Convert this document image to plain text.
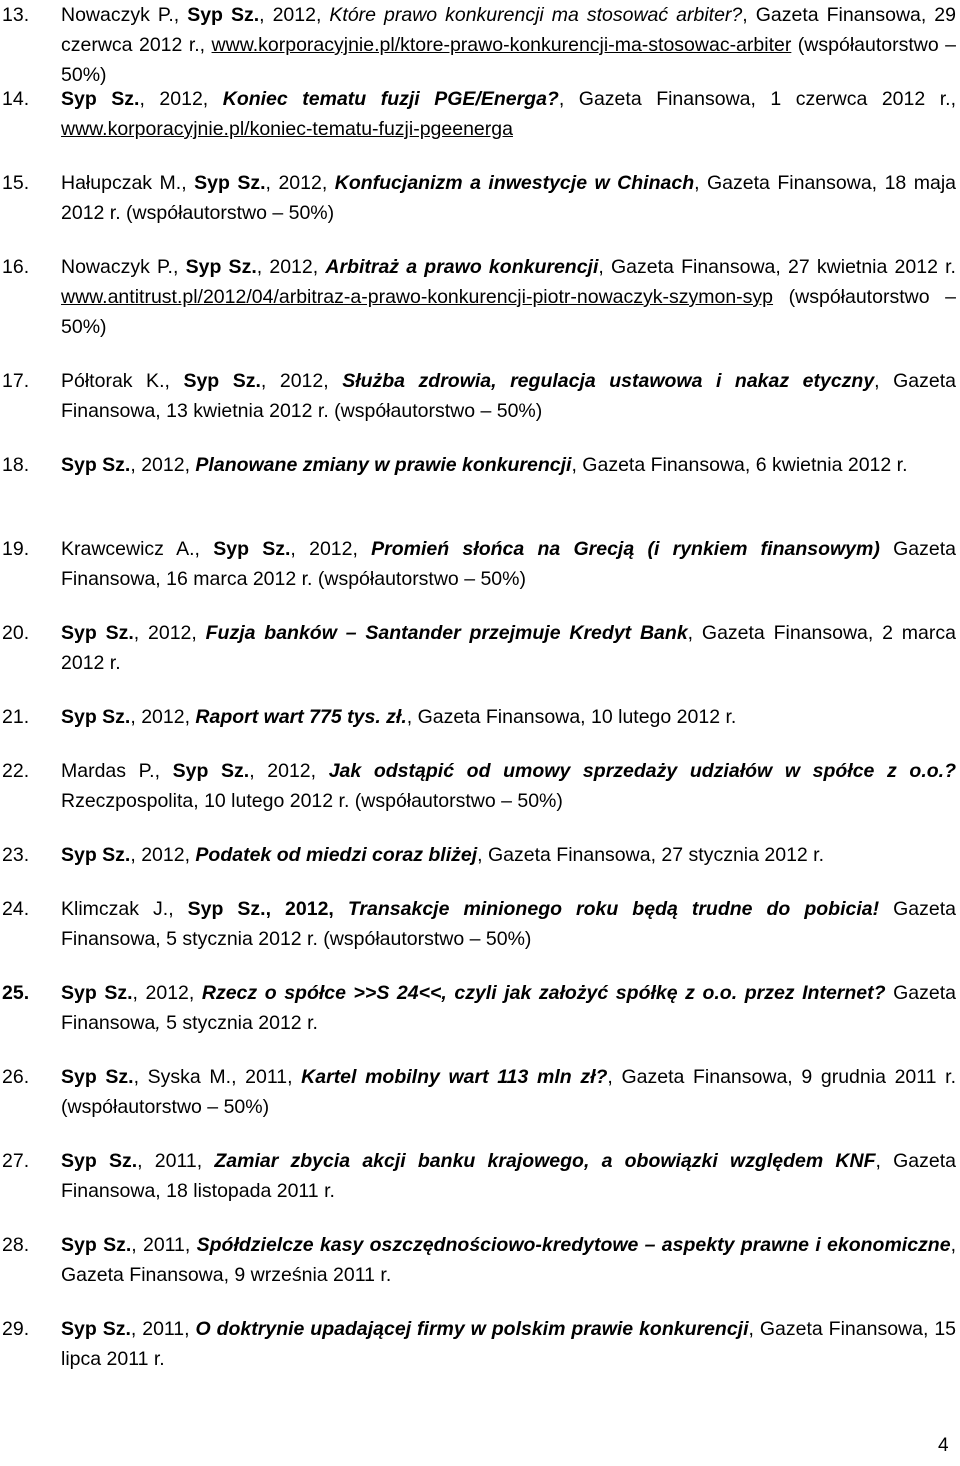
13. Nowaczyk P., Syp Sz., 2012, Które prawo konkurencji ma stosować arbiter?, Gazeta Finansowa, 29 czerwca 2012 r., www.korporacyjnie.pl/ktore-prawo-konkurencji-ma-stosowac-arbiter (współautorstwo – 50%)
14. Syp Sz., 2012, Koniec tematu fuzji PGE/Energa?, Gazeta Finansowa, 1 czerwca 2012 r., www.korporacyjnie.pl/koniec-tematu-fuzji-pgeenerga
15. Hałupczak M., Syp Sz., 2012, Konfucjanizm a inwestycje w Chinach, Gazeta Finansowa, 18 maja 2012 r. (współautorstwo – 50%)
16. Nowaczyk P., Syp Sz., 2012, Arbitraż a prawo konkurencji, Gazeta Finansowa, 27 kwietnia 2012 r. www.antitrust.pl/2012/04/arbitraz-a-prawo-konkurencji-piotr-nowaczyk-szymon-syp (współautorstwo – 50%)
17. Półtorak K., Syp Sz., 2012, Służba zdrowia, regulacja ustawowa i nakaz etyczny, Gazeta Finansowa, 13 kwietnia 2012 r. (współautorstwo – 50%)
18. Syp Sz., 2012, Planowane zmiany w prawie konkurencji, Gazeta Finansowa, 6 kwietnia 2012 r.
19. Krawcewicz A., Syp Sz., 2012, Promień słońca na Grecją (i rynkiem finansowym) Gazeta Finansowa, 16 marca 2012 r. (współautorstwo – 50%)
20. Syp Sz., 2012, Fuzja banków – Santander przejmuje Kredyt Bank, Gazeta Finansowa, 2 marca 2012 r.
21. Syp Sz., 2012, Raport wart 775 tys. zł., Gazeta Finansowa, 10 lutego 2012 r.
22. Mardas P., Syp Sz., 2012, Jak odstąpić od umowy sprzedaży udziałów w spółce z o.o.? Rzeczpospolita, 10 lutego 2012 r. (współautorstwo – 50%)
23. Syp Sz., 2012, Podatek od miedzi coraz bliżej, Gazeta Finansowa, 27 stycznia 2012 r.
24. Klimczak J., Syp Sz., 2012, Transakcje minionego roku będą trudne do pobicia! Gazeta Finansowa, 5 stycznia 2012 r. (współautorstwo – 50%)
25. Syp Sz., 2012, Rzecz o spółce >>S 24<<, czyli jak założyć spółkę z o.o. przez Internet? Gazeta Finansowa, 5 stycznia 2012 r.
26. Syp Sz., Syska M., 2011, Kartel mobilny wart 113 mln zł?, Gazeta Finansowa, 9 grudnia 2011 r. (współautorstwo – 50%)
27. Syp Sz., 2011, Zamiar zbycia akcji banku krajowego, a obowiązki względem KNF, Gazeta Finansowa, 18 listopada 2011 r.
28. Syp Sz., 2011, Spółdzielcze kasy oszczędnościowo-kredytowe – aspekty prawne i ekonomiczne, Gazeta Finansowa, 9 września 2011 r.
29. Syp Sz., 2011, O doktrynie upadającej firmy w polskim prawie konkurencji, Gazeta Finansowa, 15 lipca 2011 r.
4
